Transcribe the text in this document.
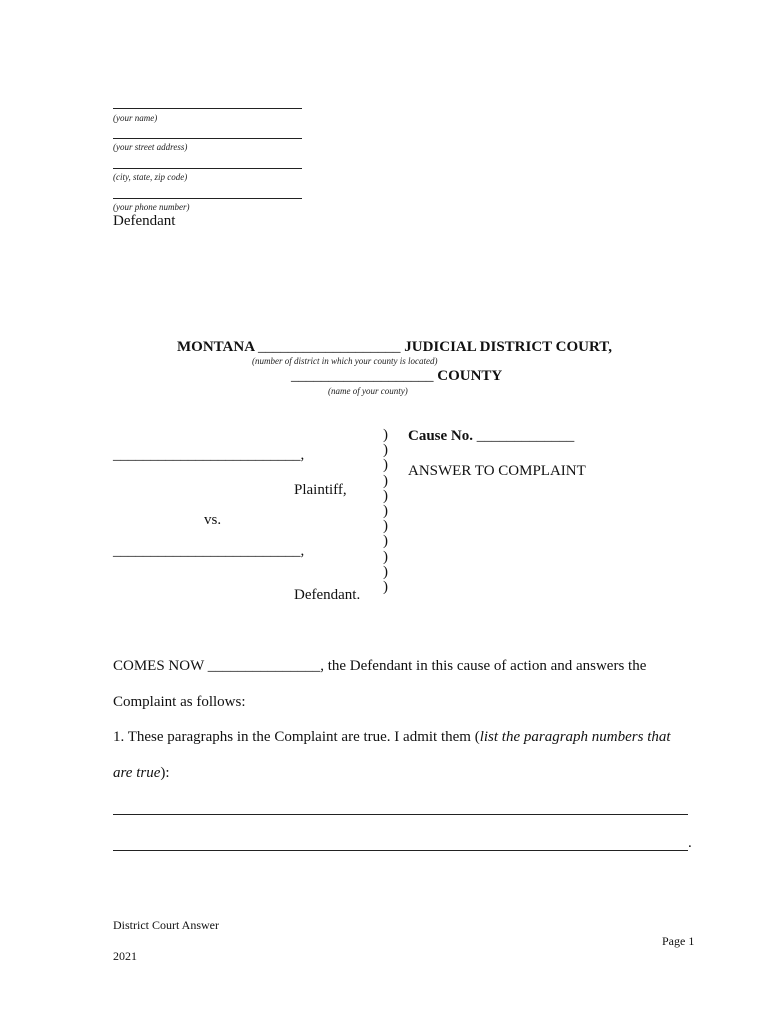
(your name)
(your street address)
(city, state, zip code)
(your phone number)
Defendant
MONTANA ___________________ JUDICIAL DISTRICT COURT,
(number of district in which your county is located)
___________________ COUNTY
(name of your county)
_________________________,
Plaintiff,
vs.
_________________________,
Defendant.
)
)
)
)
)
)
)
)
)
)
)
Cause No. _____________
ANSWER TO COMPLAINT
COMES NOW _______________, the Defendant in this cause of action and answers the
Complaint as follows:
1. These paragraphs in the Complaint are true. I admit them (list the paragraph numbers that
are true):
.
District Court Answer
Page 1
2021
